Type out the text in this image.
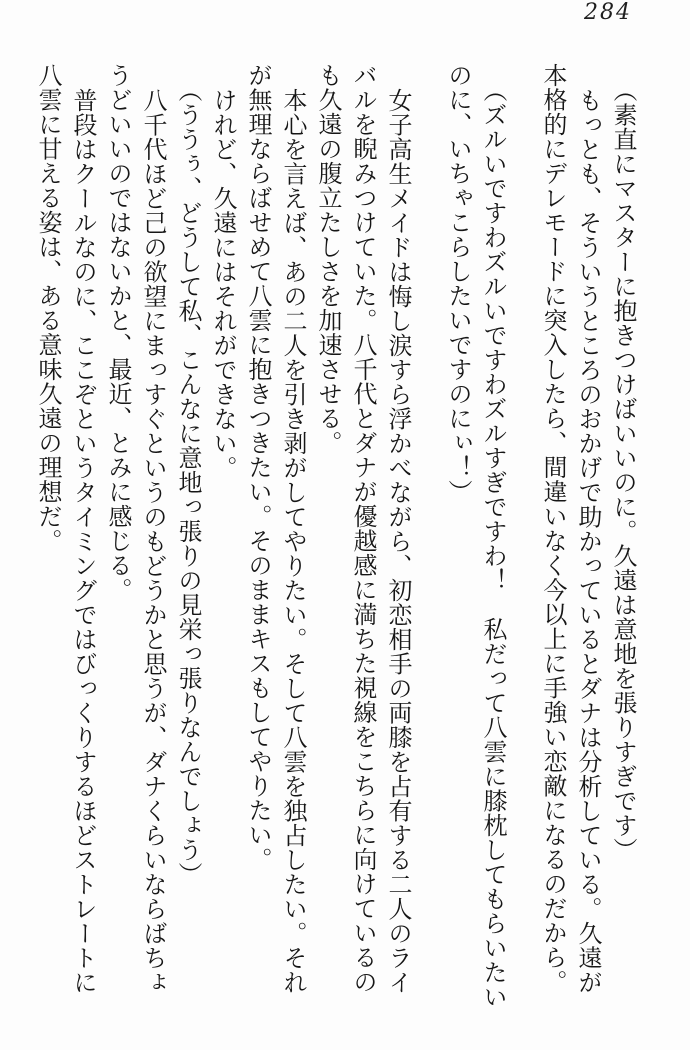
284
（素直にマスターに抱きつけばいいのに。久遠は意地を張りすぎです）
もっとも、そういうところのおかげで助かっているとダナは分析している。久遠が
本格的にデレモードに突入したら、間違いなく今以上に手強い恋敵になるのだから。
（ズルいですわズルいですわズルすぎですわ！　私だって八雲に膝枕してもらいたい
のに、いちゃこらしたいですのにぃ！）
女子高生メイドは悔し涙すら浮かべながら、初恋相手の両膝を占有する二人のライ
バルを睨みつけていた。八千代とダナが優越感に満ちた視線をこちらに向けているの
も久遠の腹立たしさを加速させる。
本心を言えば、あの二人を引き剥がしてやりたい。そして八雲を独占したい。それ
が無理ならばせめて八雲に抱きつきたい。そのままキスもしてやりたい。
けれど、久遠にはそれができない。
（ううぅ、どうして私、こんなに意地っ張りの見栄っ張りなんでしょう）
八千代ほど己の欲望にまっすぐというのもどうかと思うが、ダナくらいならばちょ
うどいいのではないかと、最近、とみに感じる。
普段はクールなのに、ここぞというタイミングではびっくりするほどストレートに
八雲に甘える姿は、ある意味久遠の理想だ。
